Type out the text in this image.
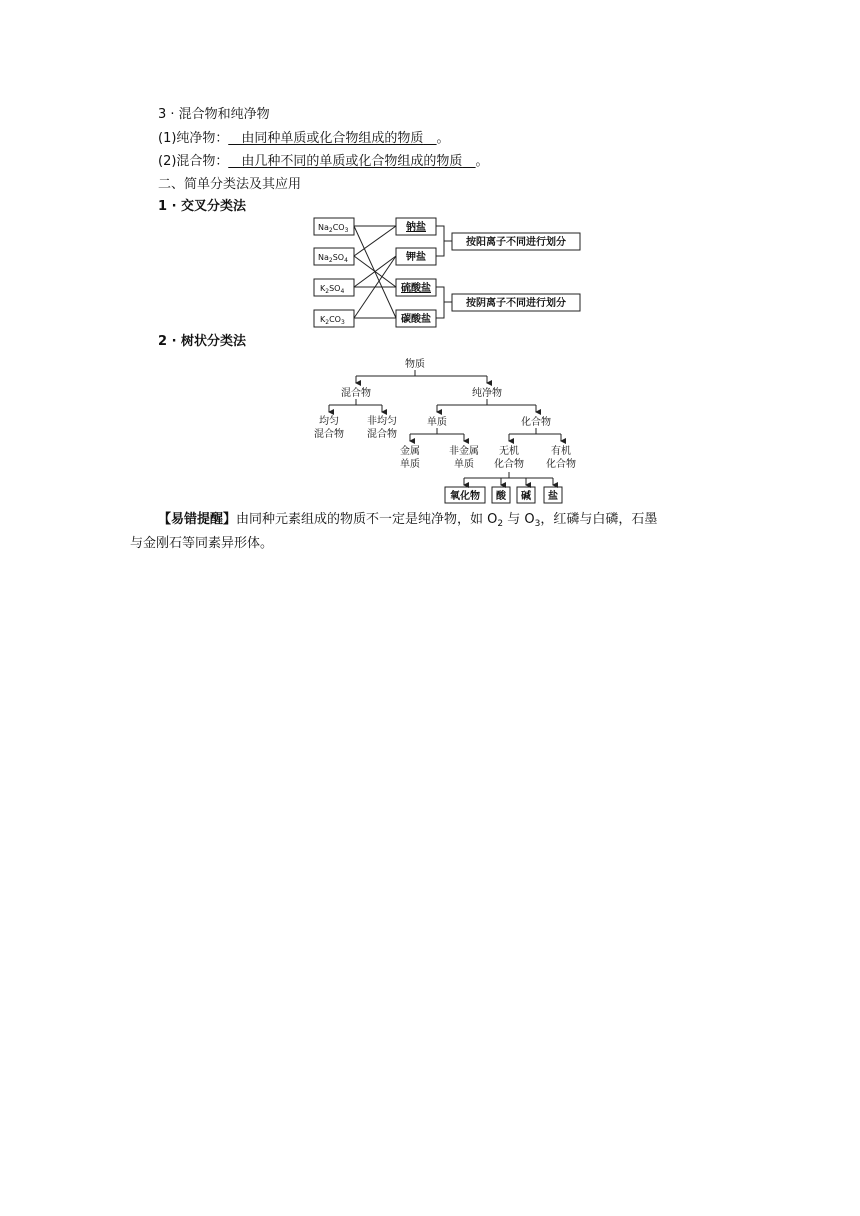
3 · 混合物和纯净物
(1)纯净物：__由同种单质或化合物组成的物质__。
(2)混合物：__由几种不同的单质或化合物组成的物质__。
二、简单分类法及其应用
1 · 交叉分类法
$Na_2CO_3$
$Na_2SO_4$
$K_2SO_4$
$K_2CO_3$
钠盐
钾盐
硫酸盐
碳酸盐
按阳离子不同进行划分
按阴离子不同进行划分
2 · 树状分类法
物质
混合物	纯净物
均匀
混合物
非均匀
混合物
单质	化合物
金属
单质
非金属
单质
无机
化合物
有机
化合物
氧化物 酸 碱 盐
【易错提醒】由同种元素组成的物质不一定是纯净物，如 $O_2$ 与 $O_3$，红磷与白磷，石墨
与金刚石等同素异形体。
